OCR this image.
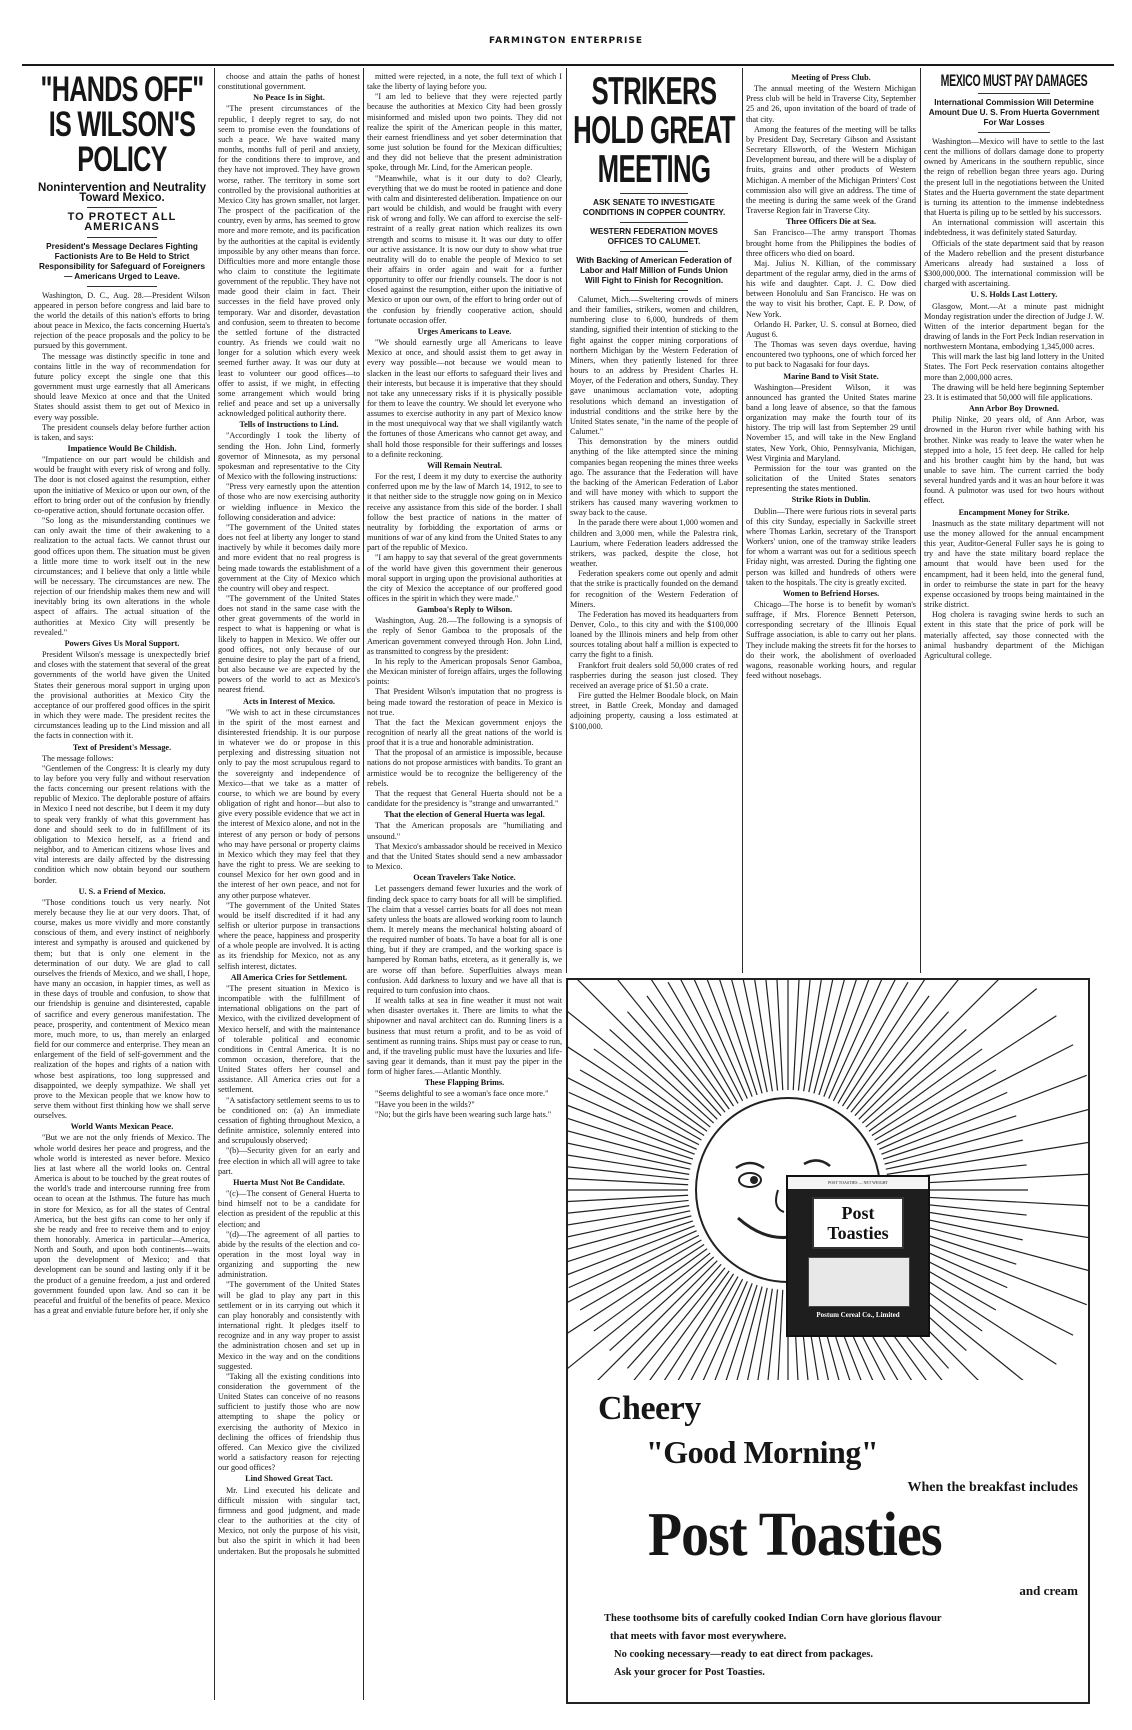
FARMINGTON ENTERPRISE
"HANDS OFF" IS WILSON'S POLICY
Nonintervention and Neutrality Toward Mexico.
TO PROTECT ALL AMERICANS
President's Message Declares Fighting Factionists Are to Be Held to Strict Responsibility for Safeguard of Foreigners — Americans Urged to Leave.

Washington, D. C., Aug. 28.—President Wilson appeared in person before congress and laid bare to the world the details of this nation's efforts to bring about peace in Mexico, the facts concerning Huerta's rejection of the peace proposals and the policy to be pursued by this government.

The message was distinctly specific in tone and contains little in the way of recommendation for future policy except the single one that this government must urge earnestly that all Americans should leave Mexico at once and that the United States should assist them to get out of Mexico in every way possible.

The president counsels delay before further action is taken, and says:

Impatience Would Be Childish.

"Impatience on our part would be childish and would be fraught with every risk of wrong and folly. The door is not closed against the resumption, either upon the initiative of Mexico or upon our own, of the effort to bring order out of the confusion by friendly co-operative action, should fortunate occasion offer.

"So long as the misunderstanding continues we can only await the time of their awakening to a realization to the actual facts. We cannot thrust our good offices upon them. The situation must be given a little more time to work itself out in the new circumstances; and I believe that only a little while will be necessary. The circumstances are new. The rejection of our friendship makes them new and will inevitably bring its own alterations in the whole aspect of affairs. The actual situation of the authorities at Mexico City will presently be revealed."

Powers Gives Us Moral Support.

President Wilson's message is unexpectedly brief and closes with the statement that several of the great governments of the world have given the United States their generous moral support in urging upon the provisional authorities at Mexico City the acceptance of our proffered good offices in the spirit in which they were made. The president recites the circumstances leading up to the Lind mission and all the facts in connection with it.

Text of President's Message.

The message follows:

"Gentlemen of the Congress: It is clearly my duty to lay before you very fully and without reservation the facts concerning our present relations with the republic of Mexico. The deplorable posture of affairs in Mexico I need not describe, but I deem it my duty to speak very frankly of what this government has done and should seek to do in fulfillment of its obligation to Mexico herself, as a friend and neighbor, and to American citizens whose lives and vital interests are daily affected by the distressing condition which now obtain beyond our southern border.

U. S. a Friend of Mexico.

"Those conditions touch us very nearly. Not merely because they lie at our very doors. That, of course, makes us more vividly and more constantly conscious of them, and every instinct of neighborly interest and sympathy is aroused and quickened by them; but that is only one element in the determination of our duty. We are glad to call ourselves the friends of Mexico, and we shall, I hope, have many an occasion, in happier times, as well as in these days of trouble and confusion, to show that our friendship is genuine and disinterested, capable of sacrifice and every generous manifestation. The peace, prosperity, and contentment of Mexico mean more, much more, to us, than merely an enlarged field for our commerce and enterprise. They mean an enlargement of the field of self-government and the realization of the hopes and rights of a nation with whose best aspirations, too long suppressed and disappointed, we deeply sympathize. We shall yet prove to the Mexican people that we know how to serve them without first thinking how we shall serve ourselves.

World Wants Mexican Peace.

"But we are not the only friends of Mexico. The whole world desires her peace and progress, and the whole world is interested as never before. Mexico lies at last where all the world looks on. Central America is about to be touched by the great routes of the world's trade and intercourse running free from ocean to ocean at the Isthmus. The future has much in store for Mexico, as for all the states of Central America, but the best gifts can come to her only if she be ready and free to receive them and to enjoy them honorably. America in particular—America, North and South, and upon both continents—waits upon the development of Mexico; and that development can be sound and lasting only if it be the product of a genuine freedom, a just and ordered government founded upon law. And so can it be peaceful and fruitful of the benefits of peace. Mexico has a great and enviable future before her, if only she

choose and attain the paths of honest constitutional government.

No Peace Is in Sight.

"The present circumstances of the republic, I deeply regret to say, do not seem to promise even the foundations of such a peace. We have waited many months, months full of peril and anxiety, for the conditions there to improve, and they have not improved. They have grown worse, rather. The territory in some sort controlled by the provisional authorities at Mexico City has grown smaller, not larger. The prospect of the pacification of the country, even by arms, has seemed to grow more and more remote, and its pacification by the authorities at the capital is evidently impossible by any other means than force. Difficulties more and more entangle those who claim to constitute the legitimate government of the republic. They have not made good their claim in fact. Their successes in the field have proved only temporary. War and disorder, devastation and confusion, seem to threaten to become the settled fortune of the distracted country. As friends we could wait no longer for a solution which every week seemed further away. It was our duty at least to volunteer our good offices—to offer to assist, if we might, in effecting some arrangement which would bring relief and peace and set up a universally acknowledged political authority there.

Tells of Instructions to Lind.

"Accordingly I took the liberty of sending the Hon. John Lind, formerly governor of Minnesota, as my personal spokesman and representative to the City of Mexico with the following instructions:

"Press very earnestly upon the attention of those who are now exercising authority or wielding influence in Mexico the following consideration and advice:

"The government of the United states does not feel at liberty any longer to stand inactively by while it becomes daily more and more evident that no real progress is being made towards the establishment of a government at the City of Mexico which the country will obey and respect.

"The government of the United States does not stand in the same case with the other great governments of the world in respect to what is happening or what is likely to happen in Mexico. We offer our good offices, not only because of our genuine desire to play the part of a friend, but also because we are expected by the powers of the world to act as Mexico's nearest friend.

Acts in Interest of Mexico.

"We wish to act in these circumstances in the spirit of the most earnest and disinterested friendship. It is our purpose in whatever we do or propose in this perplexing and distressing situation not only to pay the most scrupulous regard to the sovereignty and independence of Mexico—that we take as a matter of course, to which we are bound by every obligation of right and honor—but also to give every possible evidence that we act in the interest of Mexico alone, and not in the interest of any person or body of persons who may have personal or property claims in Mexico which they may feel that they have the right to press. We are seeking to counsel Mexico for her own good and in the interest of her own peace, and not for any other purpose whatever.

"The government of the United States would be itself discredited if it had any selfish or ulterior purpose in transactions where the peace, happiness and prosperity of a whole people are involved. It is acting as its friendship for Mexico, not as any selfish interest, dictates.

All America Cries for Settlement.

"The present situation in Mexico is incompatible with the fulfillment of international obligations on the part of Mexico, with the civilized development of Mexico herself, and with the maintenance of tolerable political and economic conditions in Central America. It is no common occasion, therefore, that the United States offers her counsel and assistance. All America cries out for a settlement.

"A satisfactory settlement seems to us to be conditioned on: (a) An immediate cessation of fighting throughout Mexico, a definite armistice, solemnly entered into and scrupulously observed;

"(b)—Security given for an early and free election in which all will agree to take part.

Huerta Must Not Be Candidate.

"(c)—The consent of General Huerta to bind himself not to be a candidate for election as president of the republic at this election; and

"(d)—The agreement of all parties to abide by the results of the election and co-operation in the most loyal way in organizing and supporting the new administration.

"The government of the United States will be glad to play any part in this settlement or in its carrying out which it can play honorably and consistently with international right. It pledges itself to recognize and in any way proper to assist the administration chosen and set up in Mexico in the way and on the conditions suggested.

"Taking all the existing conditions into consideration the government of the United States can conceive of no reasons sufficient to justify those who are now attempting to shape the policy or exercising the authority of Mexico in declining the offices of friendship thus offered. Can Mexico give the civilized world a satisfactory reason for rejecting our good offices?

Lind Showed Great Tact.

Mr. Lind executed his delicate and difficult mission with singular tact, firmness and good judgment, and made clear to the authorities at the city of Mexico, not only the purpose of his visit, but also the spirit in which it had been undertaken. But the proposals he submitted

mitted were rejected, in a note, the full text of which I take the liberty of laying before you.

"I am led to believe that they were rejected partly because the authorities at Mexico City had been grossly misinformed and misled upon two points. They did not realize the spirit of the American people in this matter, their earnest friendliness and yet sober determination that some just solution be found for the Mexican difficulties; and they did not believe that the present administration spoke, through Mr. Lind, for the American people.

"Meanwhile, what is it our duty to do? Clearly, everything that we do must be rooted in patience and done with calm and disinterested deliberation. Impatience on our part would be childish, and would be fraught with every risk of wrong and folly. We can afford to exercise the self-restraint of a really great nation which realizes its own strength and scorns to misuse it. It was our duty to offer our active assistance. It is now our duty to show what true neutrality will do to enable the people of Mexico to set their affairs in order again and wait for a further opportunity to offer our friendly counsels. The door is not closed against the resumption, either upon the initiative of Mexico or upon our own, of the effort to bring order out of the confusion by friendly cooperative action, should fortunate occasion offer.

Urges Americans to Leave.

"We should earnestly urge all Americans to leave Mexico at once, and should assist them to get away in every way possible—not because we would mean to slacken in the least our efforts to safeguard their lives and their interests, but because it is imperative that they should not take any unnecessary risks if it is physically possible for them to leave the country. We should let everyone who assumes to exercise authority in any part of Mexico know in the most unequivocal way that we shall vigilantly watch the fortunes of those Americans who cannot get away, and shall hold those responsible for their sufferings and losses to a definite reckoning.

Will Remain Neutral.

For the rest, I deem it my duty to exercise the authority conferred upon me by the law of March 14, 1912, to see to it that neither side to the struggle now going on in Mexico receive any assistance from this side of the border. I shall follow the best practice of nations in the matter of neutrality by forbidding the exportation of arms or munitions of war of any kind from the United States to any part of the republic of Mexico.

"I am happy to say that several of the great governments of the world have given this government their generous moral support in urging upon the provisional authorities at the city of Mexico the acceptance of our proffered good offices in the spirit in which they were made."

Gamboa's Reply to Wilson.

Washington, Aug. 28.—The following is a synopsis of the reply of Senor Gamboa to the proposals of the American government conveyed through Hon. John Lind, as transmitted to congress by the president:

In his reply to the American proposals Senor Gamboa, the Mexican minister of foreign affairs, urges the following points:

That President Wilson's imputation that no progress is being made toward the restoration of peace in Mexico is not true.

That the fact the Mexican government enjoys the recognition of nearly all the great nations of the world is proof that it is a true and honorable administration.

That the proposal of an armistice is impossible, because nations do not propose armistices with bandits. To grant an armistice would be to recognize the belligerency of the rebels.

That the request that General Huerta should not be a candidate for the presidency is "strange and unwarranted."

That the election of General Huerta was legal.

That the American proposals are "humiliating and unsound."

That Mexico's ambassador should be received in Mexico and that the United States should send a new ambassador to Mexico.

Ocean Travelers Take Notice.

Let passengers demand fewer luxuries and the work of finding deck space to carry boats for all will be simplified. The claim that a vessel carries boats for all does not mean safety unless the boats are allowed working room to launch them. It merely means the mechanical holsting aboard of the required number of boats. To have a boat for all is one thing, but if they are cramped, and the working space is hampered by Roman baths, etcetera, as it generally is, we are worse off than before. Superfluities always mean confusion. Add darkness to luxury and we have all that is required to turn confusion into chaos.

If wealth talks at sea in fine weather it must not wait when disaster overtakes it. There are limits to what the shipowner and naval architect can do. Running liners is a business that must return a profit, and to be as void of sentiment as running trains. Ships must pay or cease to run, and, if the traveling public must have the luxuries and life-saving gear it demands, than it must pay the piper in the form of higher fares.—Atlantic Monthly.

These Flapping Brims.

"Seems delightful to see a woman's face once more."

"Have you been in the wilds?"

"No; but the girls have been wearing such large hats."

STRIKERS HOLD GREAT MEETING
ASK SENATE TO INVESTIGATE CONDITIONS IN COPPER COUNTRY.
WESTERN FEDERATION MOVES OFFICES TO CALUMET.
With Backing of American Federation of Labor and Half Million of Funds Union Will Fight to Finish for Recognition.

Calumet, Mich.—Sweltering crowds of miners and their families, strikers, women and children, numbering close to 6,000, hundreds of them standing, signified their intention of sticking to the fight against the copper mining corporations of northern Michigan by the Western Federation of Miners, when they patiently listened for three hours to an address by President Charles H. Moyer, of the Federation and others, Sunday. They gave unanimous acclamation vote, adopting resolutions which demand an investigation of industrial conditions and the strike here by the United States senate, "in the name of the people of Calumet."

This demonstration by the miners outdid anything of the like attempted since the mining companies began reopening the mines three weeks ago. The assurance that the Federation will have the backing of the American Federation of Labor and will have money with which to support the strikers has caused many wavering workmen to sway back to the cause.

In the parade there were about 1,000 women and children and 3,000 men, while the Palestra rink, Laurium, where Federation leaders addressed the strikers, was packed, despite the close, hot weather.

Federation speakers come out openly and admit that the strike is practically founded on the demand for recognition of the Western Federation of Miners.

The Federation has moved its headquarters from Denver, Colo., to this city and with the $100,000 loaned by the Illinois miners and help from other sources totaling about half a million is expected to carry the fight to a finish.

Frankfort fruit dealers sold 50,000 crates of red raspberries during the season just closed. They received an average price of $1.50 a crate.

Fire gutted the Helmer Boodale block, on Main street, in Battle Creek, Monday and damaged adjoining property, causing a loss estimated at $100,000.

Meeting of Press Club.

The annual meeting of the Western Michigan Press club will be held in Traverse City, September 25 and 26, upon invitation of the board of trade of that city.

Among the features of the meeting will be talks by President Day, Secretary Gibson and Assistant Secretary Ellsworth, of the Western Michigan Development bureau, and there will be a display of fruits, grains and other products of Western Michigan. A member of the Michigan Printers' Cost commission also will give an address. The time of the meeting is during the same week of the Grand Traverse Region fair in Traverse City.

Three Officers Die at Sea.

San Francisco—The army transport Thomas brought home from the Philippines the bodies of three officers who died on board.

Maj. Julius N. Killian, of the commissary department of the regular army, died in the arms of his wife and daughter. Capt. J. C. Dow died between Honolulu and San Francisco. He was on the way to visit his brother, Capt. E. P. Dow, of New York.

Orlando H. Parker, U. S. consul at Borneo, died August 6.

The Thomas was seven days overdue, having encountered two typhoons, one of which forced her to put back to Nagasaki for four days.

Marine Band to Visit State.

Washington—President Wilson, it was announced has granted the United States marine band a long leave of absence, so that the famous organization may make the fourth tour of its history. The trip will last from September 29 until November 15, and will take in the New England states, New York, Ohio, Pennsylvania, Michigan, West Virginia and Maryland.

Permission for the tour was granted on the solicitation of the United States senators representing the states mentioned.

Strike Riots in Dublin.

Dublin—There were furious riots in several parts of this city Sunday, especially in Sackville street where Thomas Larkin, secretary of the Transport Workers' union, one of the tramway strike leaders for whom a warrant was out for a seditious speech Friday night, was arrested. During the fighting one person was killed and hundreds of others were taken to the hospitals. The city is greatly excited.

Women to Befriend Horses.

Chicago—The horse is to benefit by woman's suffrage, if Mrs. Florence Bennett Peterson, corresponding secretary of the Illinois Equal Suffrage association, is able to carry out her plans. They include making the streets fit for the horses to do their work, the abolishment of overloaded wagons, reasonable working hours, and regular feed without nosebags.

MEXICO MUST PAY DAMAGES
International Commission Will Determine Amount Due U. S. From Huerta Government For War Losses

Washington—Mexico will have to settle to the last cent the millions of dollars damage done to property owned by Americans in the southern republic, since the reign of rebellion began three years ago. During the present lull in the negotiations between the United States and the Huerta government the state department is turning its attention to the immense indebtedness that Huerta is piling up to be settled by his successors.

An international commission will ascertain this indebtedness, it was definitely stated Saturday.

Officials of the state department said that by reason of the Madero rebellion and the present disturbance Americans already had sustained a loss of $300,000,000. The international commission will be charged with ascertaining.

U. S. Holds Last Lottery.

Glasgow, Mont.—At a minute past midnight Monday registration under the direction of Judge J. W. Witten of the interior department began for the drawing of lands in the Fort Peck Indian reservation in northwestern Montana, embodying 1,345,000 acres.

This will mark the last big land lottery in the United States. The Fort Peck reservation contains altogether more than 2,000,000 acres.

The drawing will be held here beginning September 23. It is estimated that 50,000 will file applications.

Ann Arbor Boy Drowned.

Philip Ninke, 20 years old, of Ann Arbor, was drowned in the Huron river while bathing with his brother. Ninke was ready to leave the water when he stepped into a hole, 15 feet deep. He called for help and his brother caught him by the hand, but was unable to save him. The current carried the body several hundred yards and it was an hour before it was found. A pulmotor was used for two hours without effect.

Encampment Money for Strike.

Inasmuch as the state military department will not use the money allowed for the annual encampment this year, Auditor-General Fuller says he is going to try and have the state military board replace the amount that would have been used for the encampment, had it been held, into the general fund, in order to reimburse the state in part for the heavy expense occasioned by troops being maintained in the strike district.

Hog cholera is ravaging swine herds to such an extent in this state that the price of pork will be materially affected, say those connected with the animal husbandry department of the Michigan Agricultural college.

POST TOASTIES — NET WEIGHT
Post
Toasties
Postum Cereal Co., Limited
Cheery
"Good Morning"
When the breakfast includes
Post Toasties
and cream
These toothsome bits of carefully cooked Indian Corn have glorious flavour
that meets with favor most everywhere.
No cooking necessary—ready to eat direct from packages.
Ask your grocer for Post Toasties.
